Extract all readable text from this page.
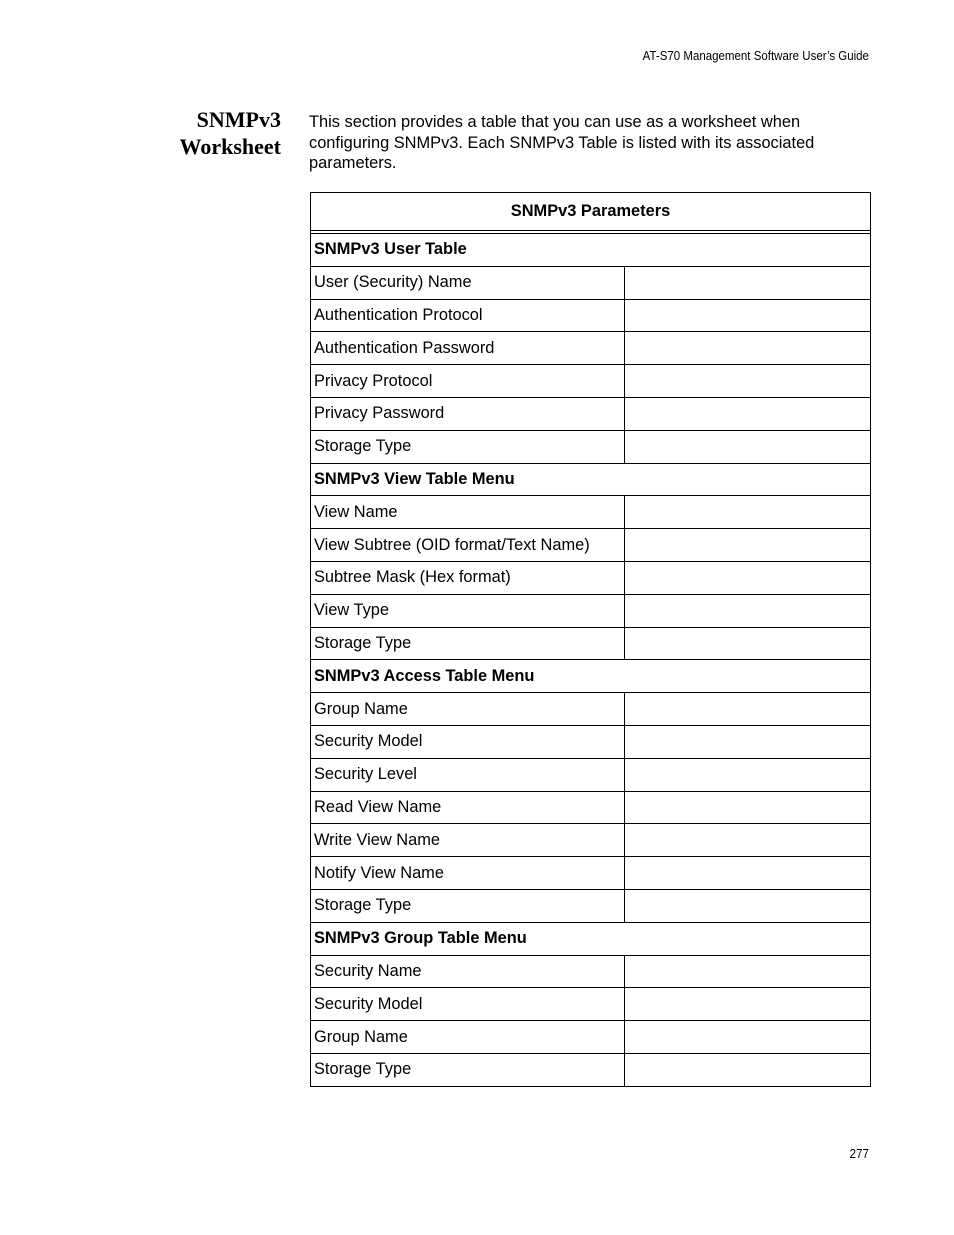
AT-S70 Management Software User’s Guide
SNMPv3
Worksheet
This section provides a table that you can use as a worksheet when configuring SNMPv3. Each SNMPv3 Table is listed with its associated parameters.
SNMPv3 Parameters	

SNMPv3 User Table	
User (Security) Name	
Authentication Protocol	
Authentication Password	
Privacy Protocol	
Privacy Password	
Storage Type	
SNMPv3 View Table Menu	
View Name	
View Subtree (OID format/Text Name)	
Subtree Mask (Hex format)	
View Type	
Storage Type	
SNMPv3 Access Table Menu	
Group Name	
Security Model	
Security Level	
Read View Name	
Write View Name	
Notify View Name	
Storage Type	
SNMPv3 Group Table Menu	
Security Name	
Security Model	
Group Name	
Storage Type	
277
